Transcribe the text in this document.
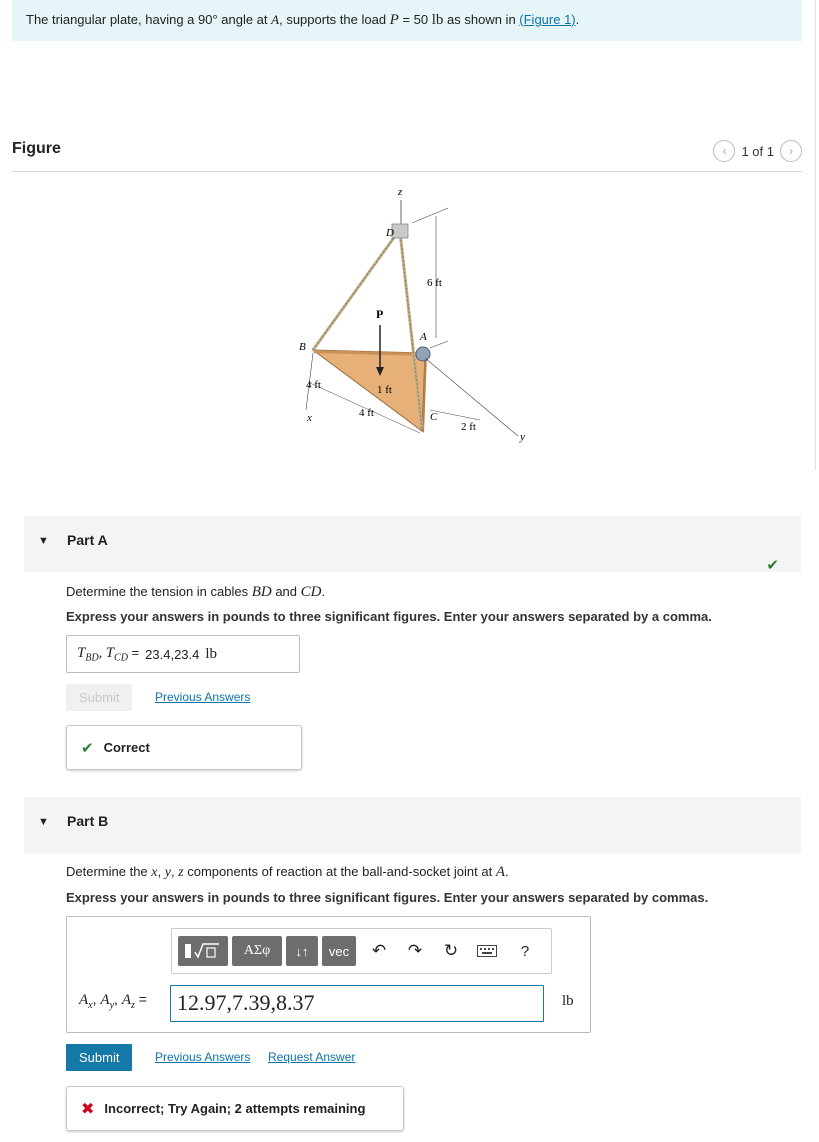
The triangular plate, having a 90° angle at A, supports the load P = 50 lb as shown in (Figure 1).
Figure	‹	1 of 1	›
z
D
6 ft
P
A
B
4 ft	1 ft
4 ft	C
2 ft
x
y
▼ Part A
✔
Determine the tension in cables BD and CD.
Express your answers in pounds to three significant figures. Enter your answers separated by a comma.
$T_{BD}$, $T_{CD} = 23.4,23.4$ lb
Submit	Previous Answers
✔ Correct
▼ Part B
Determine the x, y, z components of reaction at the ball-and-socket joint at A.
Express your answers in pounds to three significant figures. Enter your answers separated by commas.
ΑΣφ	↓↑	vec	↶ ↷ ↻	?
$A_x$, $A_y$, $A_z$ =	12.97,7.39,8.37	lb
Submit	Previous Answers Request Answer
✖ Incorrect; Try Again; 2 attempts remaining
